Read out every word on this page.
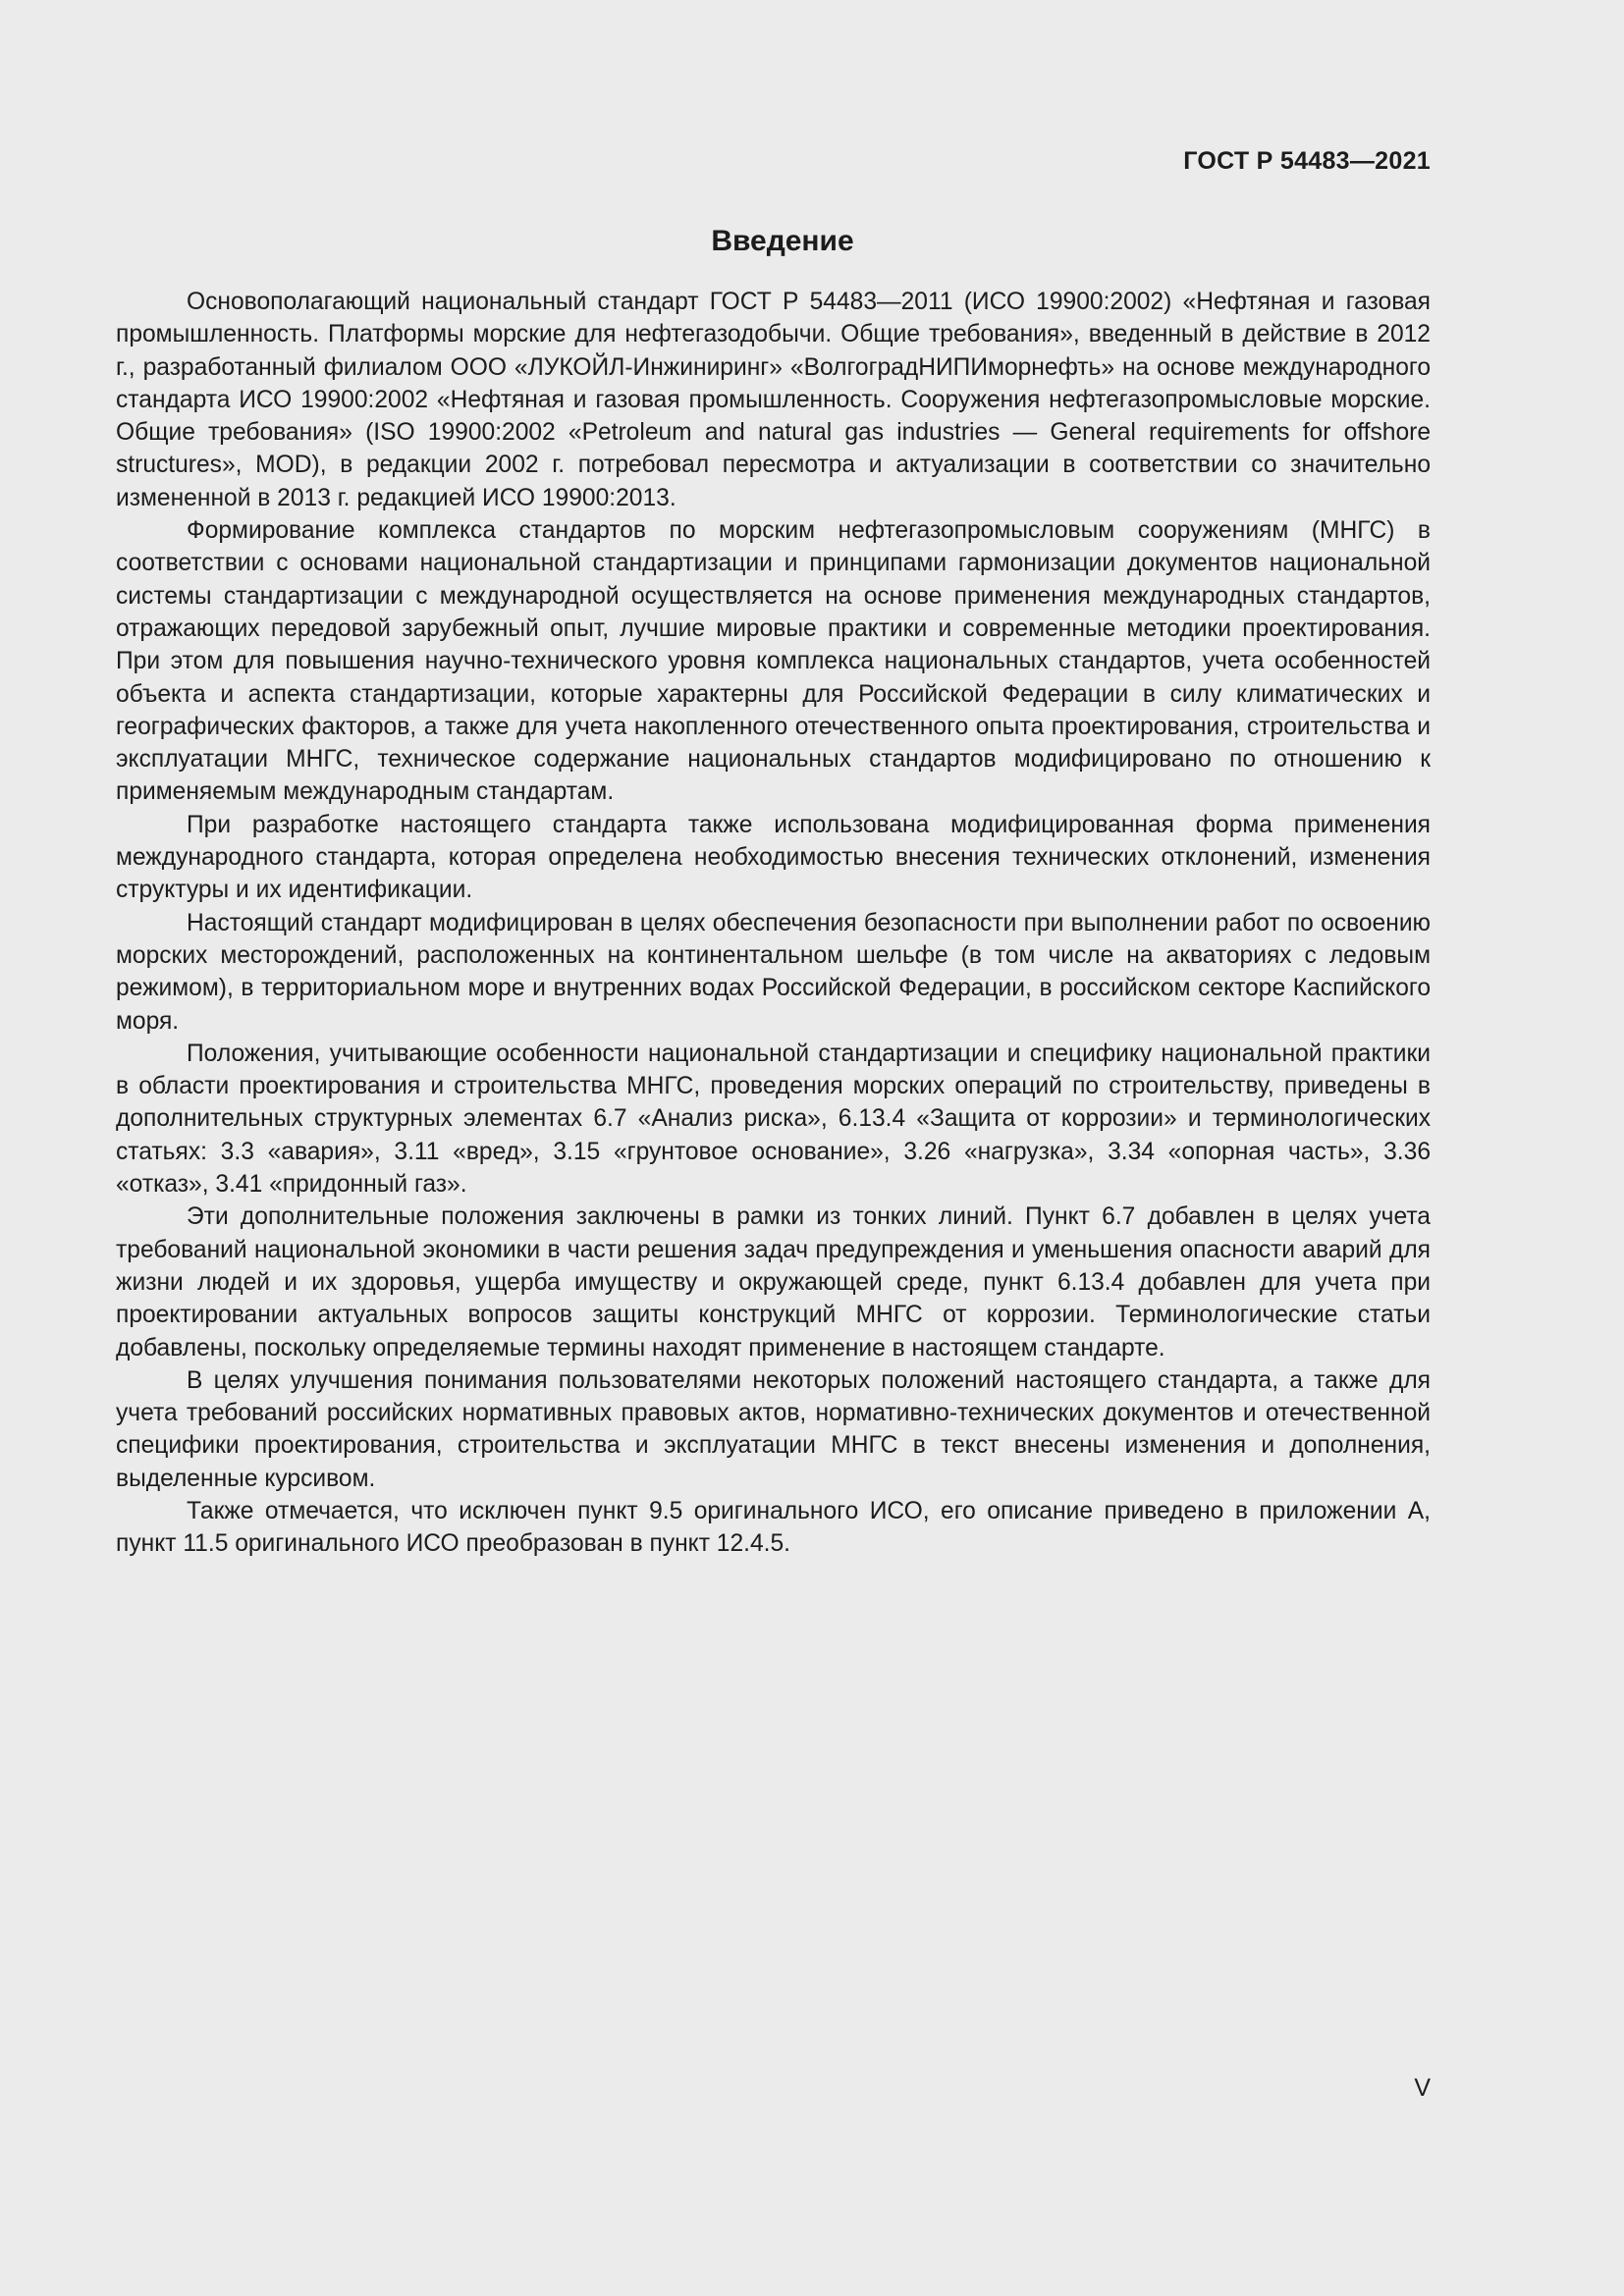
ГОСТ Р 54483—2021

Введение

Основополагающий национальный стандарт ГОСТ Р 54483—2011 (ИСО 19900:2002) «Нефтяная и газовая промышленность. Платформы морские для нефтегазодобычи. Общие требования», введенный в действие в 2012 г., разработанный филиалом ООО «ЛУКОЙЛ-Инжиниринг» «ВолгоградНИПИморнефть» на основе международного стандарта ИСО 19900:2002 «Нефтяная и газовая промышленность. Сооружения нефтегазопромысловые морские. Общие требования» (ISO 19900:2002 «Petroleum and natural gas industries — General requirements for offshore structures», MOD), в редакции 2002 г. потребовал пересмотра и актуализации в соответствии со значительно измененной в 2013 г. редакцией ИСО 19900:2013.

Формирование комплекса стандартов по морским нефтегазопромысловым сооружениям (МНГС) в соответствии с основами национальной стандартизации и принципами гармонизации документов национальной системы стандартизации с международной осуществляется на основе применения международных стандартов, отражающих передовой зарубежный опыт, лучшие мировые практики и современные методики проектирования. При этом для повышения научно-технического уровня комплекса национальных стандартов, учета особенностей объекта и аспекта стандартизации, которые характерны для Российской Федерации в силу климатических и географических факторов, а также для учета накопленного отечественного опыта проектирования, строительства и эксплуатации МНГС, техническое содержание национальных стандартов модифицировано по отношению к применяемым международным стандартам.

При разработке настоящего стандарта также использована модифицированная форма применения международного стандарта, которая определена необходимостью внесения технических отклонений, изменения структуры и их идентификации.

Настоящий стандарт модифицирован в целях обеспечения безопасности при выполнении работ по освоению морских месторождений, расположенных на континентальном шельфе (в том числе на акваториях с ледовым режимом), в территориальном море и внутренних водах Российской Федерации, в российском секторе Каспийского моря.

Положения, учитывающие особенности национальной стандартизации и специфику национальной практики в области проектирования и строительства МНГС, проведения морских операций по строительству, приведены в дополнительных структурных элементах 6.7 «Анализ риска», 6.13.4 «Защита от коррозии» и терминологических статьях: 3.3 «авария», 3.11 «вред», 3.15 «грунтовое основание», 3.26 «нагрузка», 3.34 «опорная часть», 3.36 «отказ», 3.41 «придонный газ».

Эти дополнительные положения заключены в рамки из тонких линий. Пункт 6.7 добавлен в целях учета требований национальной экономики в части решения задач предупреждения и уменьшения опасности аварий для жизни людей и их здоровья, ущерба имуществу и окружающей среде, пункт 6.13.4 добавлен для учета при проектировании актуальных вопросов защиты конструкций МНГС от коррозии. Терминологические статьи добавлены, поскольку определяемые термины находят применение в настоящем стандарте.

В целях улучшения понимания пользователями некоторых положений настоящего стандарта, а также для учета требований российских нормативных правовых актов, нормативно-технических документов и отечественной специфики проектирования, строительства и эксплуатации МНГС в текст внесены изменения и дополнения, выделенные курсивом.

Также отмечается, что исключен пункт 9.5 оригинального ИСО, его описание приведено в приложении А, пункт 11.5 оригинального ИСО преобразован в пункт 12.4.5.

V
